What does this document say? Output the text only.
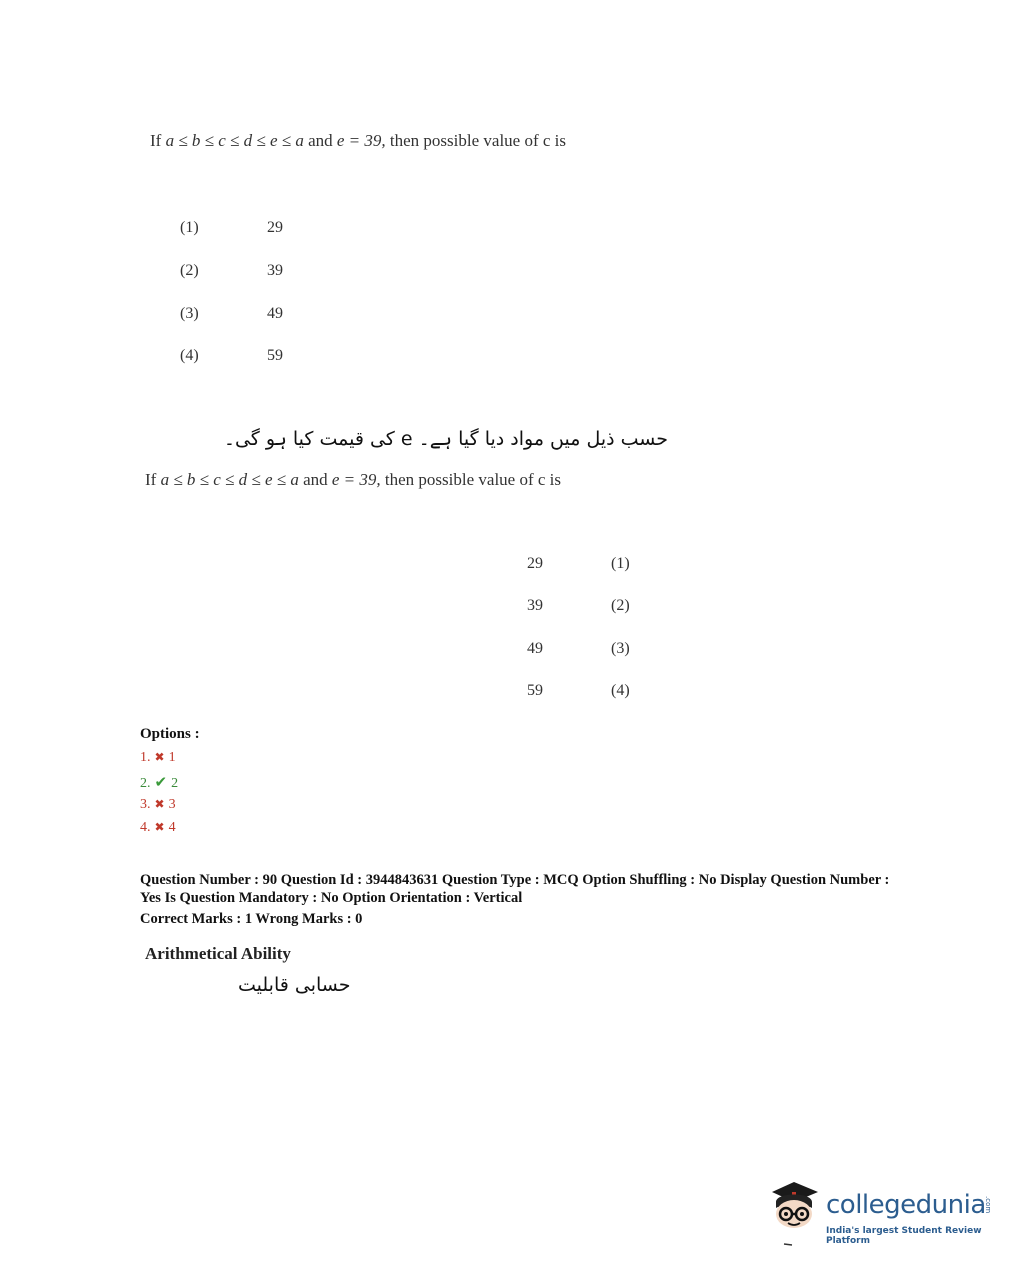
If a ≤ b ≤ c ≤ d ≤ e ≤ a and e = 39, then possible value of c is
(1)	29
(2)	39
(3)	49
(4)	59
حسب ذیل میں مواد دیا گیا ہے۔ e کی قیمت کیا ہو گی۔
If a ≤ b ≤ c ≤ d ≤ e ≤ a and e = 39, then possible value of c is
29	(1)
39	(2)
49	(3)
59	(4)
Options :
1. ✖ 1
2. ✔ 2
3. ✖ 3
4. ✖ 4
Question Number : 90 Question Id : 3944843631 Question Type : MCQ Option Shuffling : No Display Question Number : Yes Is Question Mandatory : No Option Orientation : Vertical
Correct Marks : 1 Wrong Marks : 0
Arithmetical Ability
حسابی قابلیت
collegedunia
.com
India's largest Student Review Platform
